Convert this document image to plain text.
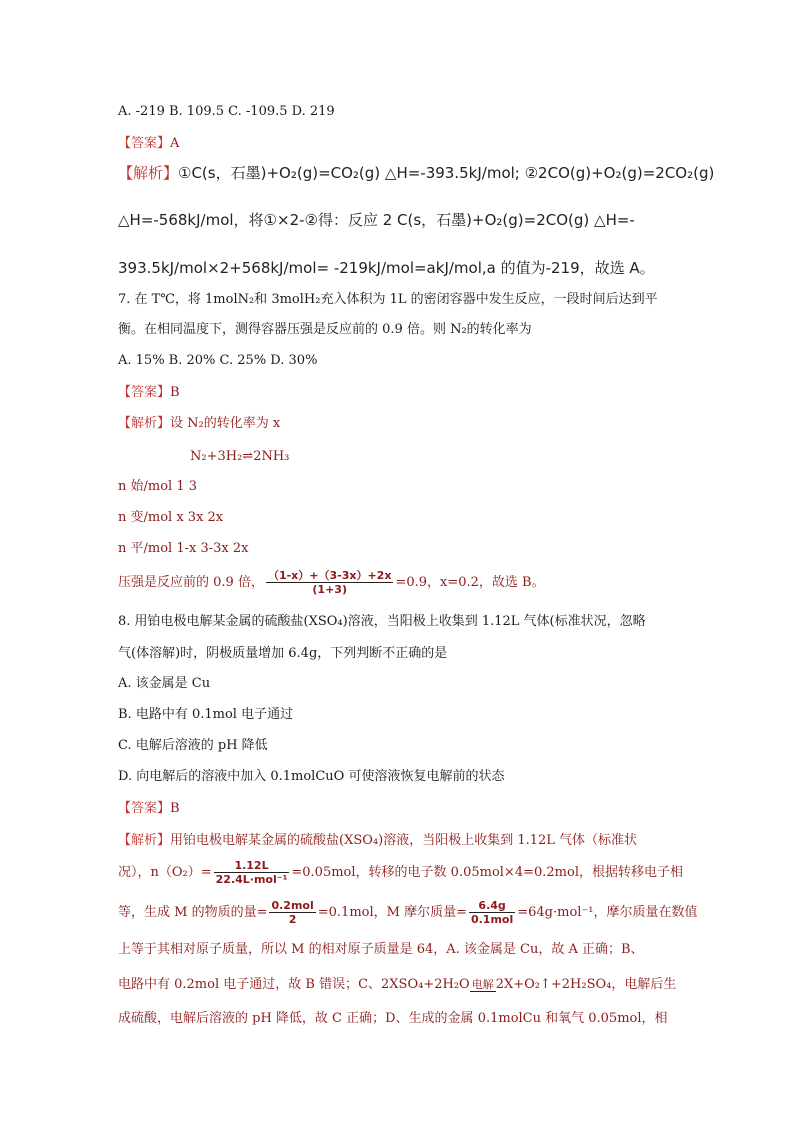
A. -219 B. 109.5 C. -109.5 D. 219
【答案】A
【解析】①C(s，石墨)+O₂(g)=CO₂(g) △H=-393.5kJ/mol; ②2CO(g)+O₂(g)=2CO₂(g)
△H=-568kJ/mol，将①×2-②得：反应 2 C(s，石墨)+O₂(g)=2CO(g) △H=-
393.5kJ/mol×2+568kJ/mol= -219kJ/mol=akJ/mol,a 的值为-219，故选 A。
7. 在 T℃，将 1molN₂和 3molH₂充入体积为 1L 的密闭容器中发生反应，一段时间后达到平
衡。在相同温度下，测得容器压强是反应前的 0.9 倍。则 N₂的转化率为
A. 15% B. 20% C. 25% D. 30%
【答案】B
【解析】设 N₂的转化率为 x
N₂+3H₂⇌2NH₃
n 始/mol 1 3
n 变/mol x 3x 2x
n 平/mol 1-x 3-3x 2x
压强是反应前的 0.9 倍， $\frac{(1-x)+(3-3x)+2x}{(1+3)} =0.9$，x=0.2，故选 B。
8. 用铂电极电解某金属的硫酸盐(XSO₄)溶液，当阳极上收集到 1.12L 气体(标准状况，忽略
气(体溶解)时，阴极质量增加 6.4g，下列判断不正确的是
A. 该金属是 Cu
B. 电路中有 0.1mol 电子通过
C. 电解后溶液的 pH 降低
D. 向电解后的溶液中加入 0.1molCuO 可使溶液恢复电解前的状态
【答案】B
【解析】用铂电极电解某金属的硫酸盐(XSO₄)溶液，当阳极上收集到 1.12L 气体（标准状
况），$n(O_2)= \frac{1.12L}{\text{22.4L·mol⁻¹}} =0.05mol$，转移的电子数 0.05mol×4=0.2mol，根据转移电子相
等，生成 M 的物质的量= $\frac{\text{0.2mol}}{2} =0.1mol$，M 摩尔质量= $\frac{6.4g}{\text{0.1mol}} =64g\cdot mol^{-1}$，摩尔质量在数值
上等于其相对原子质量，所以 M 的相对原子质量是 64，A. 该金属是 Cu，故 A 正确；B、
电路中有 0.2mol 电子通过，故 B 错误；C、2XSO₄+2H₂O 电解 2X+O₂↑+2H₂SO₄，电解后生
成硫酸，电解后溶液的 pH 降低，故 C 正确；D、生成的金属 0.1molCu 和氧气 0.05mol，相
